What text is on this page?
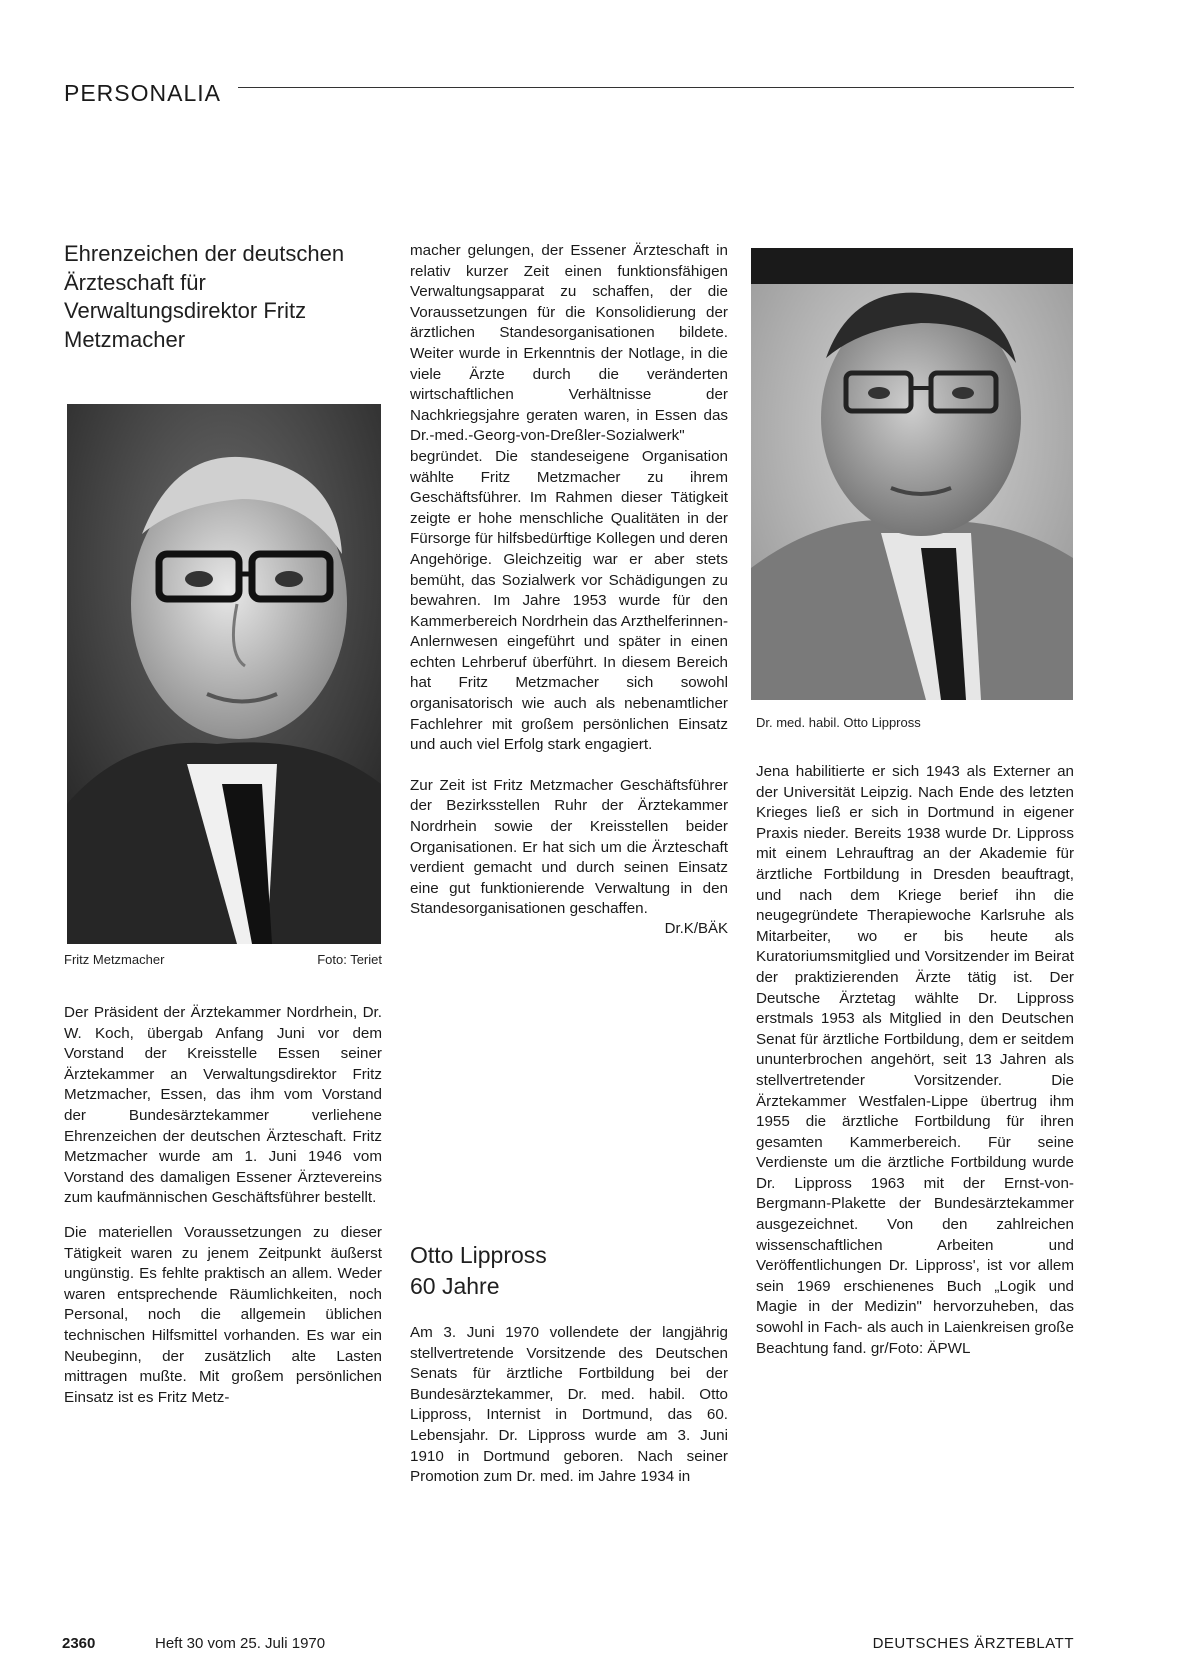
PERSONALIA
Ehrenzeichen der deutschen Ärzteschaft für Verwaltungsdirektor Fritz Metzmacher
Fritz Metzmacher	Foto: Teriet

Der Präsident der Ärztekammer Nordrhein, Dr. W. Koch, übergab Anfang Juni vor dem Vorstand der Kreisstelle Essen seiner Ärztekammer an Verwaltungsdirektor Fritz Metzmacher, Essen, das ihm vom Vorstand der Bundesärztekammer verliehene Ehrenzeichen der deutschen Ärzteschaft. Fritz Metzmacher wurde am 1. Juni 1946 vom Vorstand des damaligen Essener Ärztevereins zum kaufmännischen Geschäftsführer bestellt.

Die materiellen Voraussetzungen zu dieser Tätigkeit waren zu jenem Zeitpunkt äußerst ungünstig. Es fehlte praktisch an allem. Weder waren entsprechende Räumlichkeiten, noch Personal, noch die allgemein üblichen technischen Hilfsmittel vorhanden. Es war ein Neubeginn, der zusätzlich alte Lasten mittragen mußte. Mit großem persönlichen Einsatz ist es Fritz Metz-

macher gelungen, der Essener Ärzteschaft in relativ kurzer Zeit einen funktionsfähigen Verwaltungsapparat zu schaffen, der die Voraussetzungen für die Konsolidierung der ärztlichen Standesorganisationen bildete. Weiter wurde in Erkenntnis der Notlage, in die viele Ärzte durch die veränderten wirtschaftlichen Verhältnisse der Nachkriegsjahre geraten waren, in Essen das Dr.-med.-Georg-von-Dreßler-Sozialwerk" begründet. Die standeseigene Organisation wählte Fritz Metzmacher zu ihrem Geschäftsführer. Im Rahmen dieser Tätigkeit zeigte er hohe menschliche Qualitäten in der Fürsorge für hilfsbedürftige Kollegen und deren Angehörige. Gleichzeitig war er aber stets bemüht, das Sozialwerk vor Schädigungen zu bewahren. Im Jahre 1953 wurde für den Kammerbereich Nordrhein das Arzthelferinnen-Anlernwesen eingeführt und später in einen echten Lehrberuf überführt. In diesem Bereich hat Fritz Metzmacher sich sowohl organisatorisch wie auch als nebenamtlicher Fachlehrer mit großem persönlichen Einsatz und auch viel Erfolg stark engagiert.

Zur Zeit ist Fritz Metzmacher Geschäftsführer der Bezirksstellen Ruhr der Ärztekammer Nordrhein sowie der Kreisstellen beider Organisationen. Er hat sich um die Ärzteschaft verdient gemacht und durch seinen Einsatz eine gut funktionierende Verwaltung in den Standesorganisationen geschaffen.

Dr.K/BÄK

Otto Lippross
60 Jahre

Am 3. Juni 1970 vollendete der langjährig stellvertretende Vorsitzende des Deutschen Senats für ärztliche Fortbildung bei der Bundesärztekammer, Dr. med. habil. Otto Lippross, Internist in Dortmund, das 60. Lebensjahr. Dr. Lippross wurde am 3. Juni 1910 in Dortmund geboren. Nach seiner Promotion zum Dr. med. im Jahre 1934 in

Dr. med. habil. Otto Lippross

Jena habilitierte er sich 1943 als Externer an der Universität Leipzig. Nach Ende des letzten Krieges ließ er sich in Dortmund in eigener Praxis nieder. Bereits 1938 wurde Dr. Lippross mit einem Lehrauftrag an der Akademie für ärztliche Fortbildung in Dresden beauftragt, und nach dem Kriege berief ihn die neugegründete Therapiewoche Karlsruhe als Mitarbeiter, wo er bis heute als Kuratoriumsmitglied und Vorsitzender im Beirat der praktizierenden Ärzte tätig ist. Der Deutsche Ärztetag wählte Dr. Lippross erstmals 1953 als Mitglied in den Deutschen Senat für ärztliche Fortbildung, dem er seitdem ununterbrochen angehört, seit 13 Jahren als stellvertretender Vorsitzender. Die Ärztekammer Westfalen-Lippe übertrug ihm 1955 die ärztliche Fortbildung für ihren gesamten Kammerbereich. Für seine Verdienste um die ärztliche Fortbildung wurde Dr. Lippross 1963 mit der Ernst-von-Bergmann-Plakette der Bundesärztekammer ausgezeichnet. Von den zahlreichen wissenschaftlichen Arbeiten und Veröffentlichungen Dr. Lippross', ist vor allem sein 1969 erschienenes Buch „Logik und Magie in der Medizin" hervorzuheben, das sowohl in Fach- als auch in Laienkreisen große Beachtung fand. gr/Foto: ÄPWL

2360	Heft 30 vom 25. Juli 1970	DEUTSCHES ÄRZTEBLATT
